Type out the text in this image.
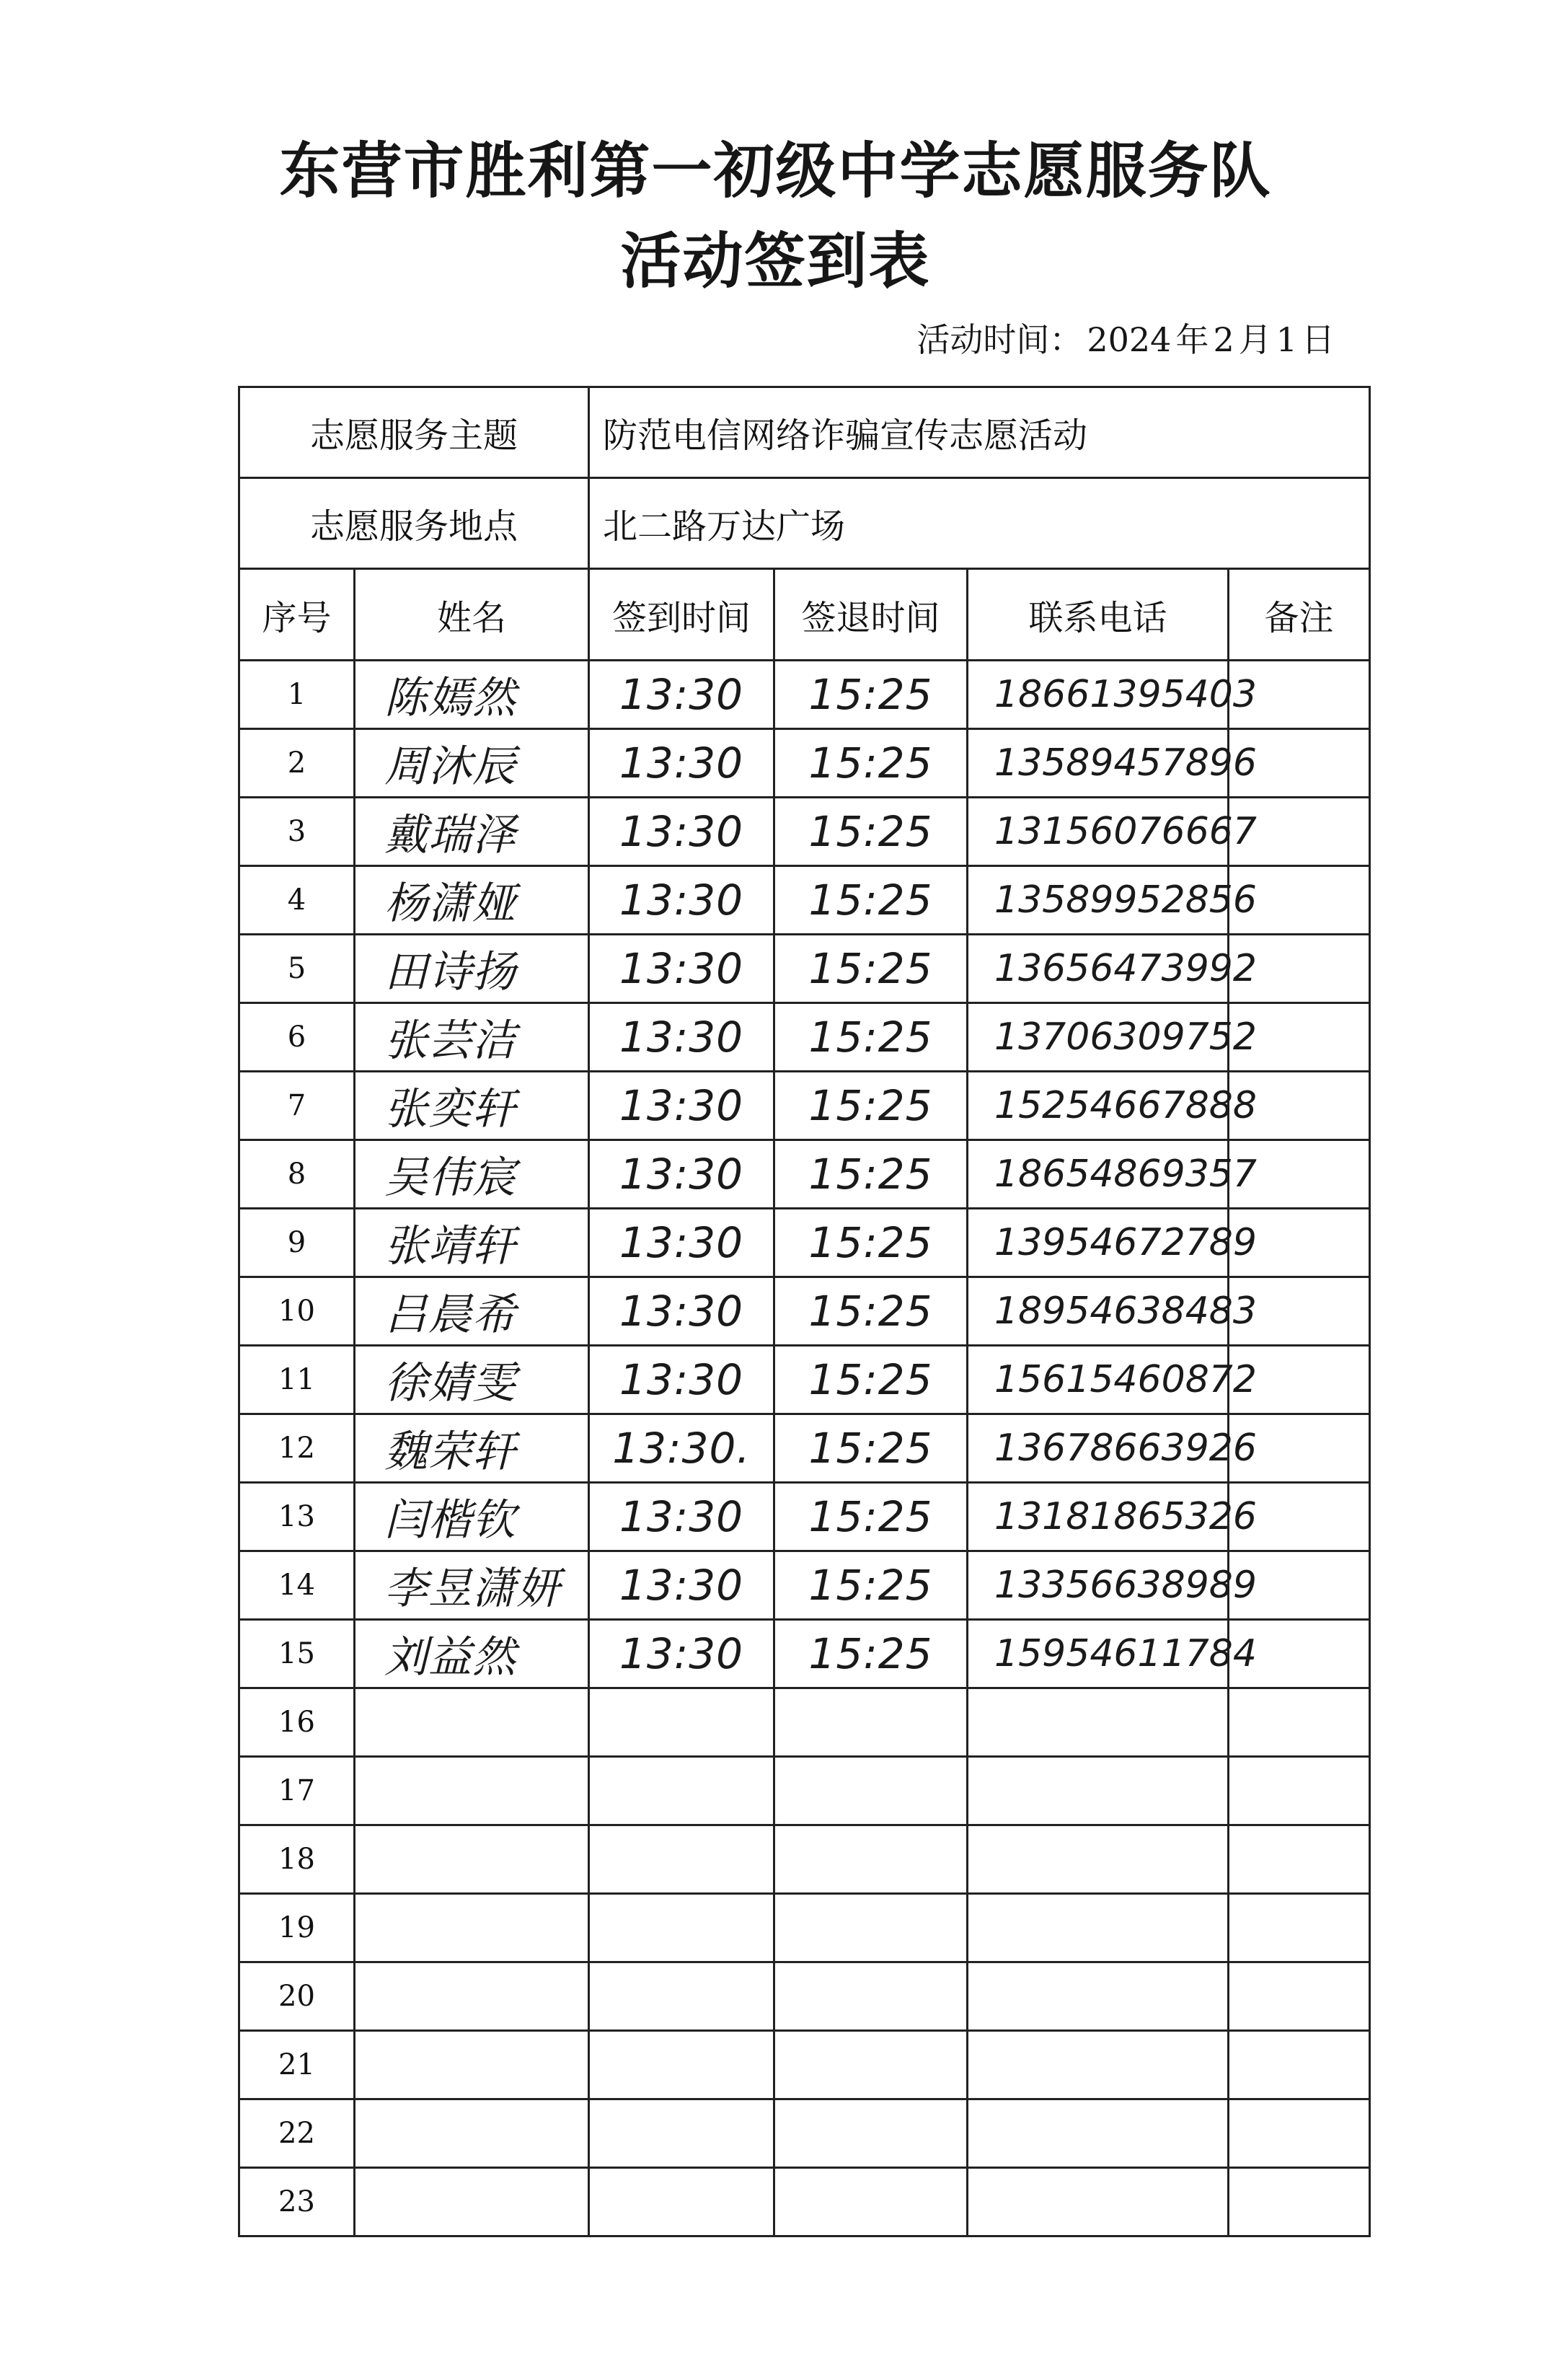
东营市胜利第一初级中学志愿服务队
活动签到表
活动时间： 2024 年 2 月 1 日
志愿服务主题		防范电信网络诈骗宣传志愿活动			
志愿服务地点		北二路万达广场			
序号	姓名	签到时间	签退时间	联系电话	备注
1	陈嫣然	13:30	15:25	18661395403	
2	周沐辰	13:30	15:25	13589457896	
3	戴瑞泽	13:30	15:25	13156076667	
4	杨潇娅	13:30	15:25	13589952856	
5	田诗扬	13:30	15:25	13656473992	
6	张芸洁	13:30	15:25	13706309752	
7	张奕轩	13:30	15:25	15254667888	
8	吴伟宸	13:30	15:25	18654869357	
9	张靖轩	13:30	15:25	13954672789	
10	吕晨希	13:30	15:25	18954638483	
11	徐婧雯	13:30	15:25	15615460872	
12	魏荣轩	13:30.	15:25	13678663926	
13	闫楷钦	13:30	15:25	13181865326	
14	李昱潇妍	13:30	15:25	13356638989	
15	刘益然	13:30	15:25	15954611784	
16					
17					
18					
19					
20					
21					
22					
23					
